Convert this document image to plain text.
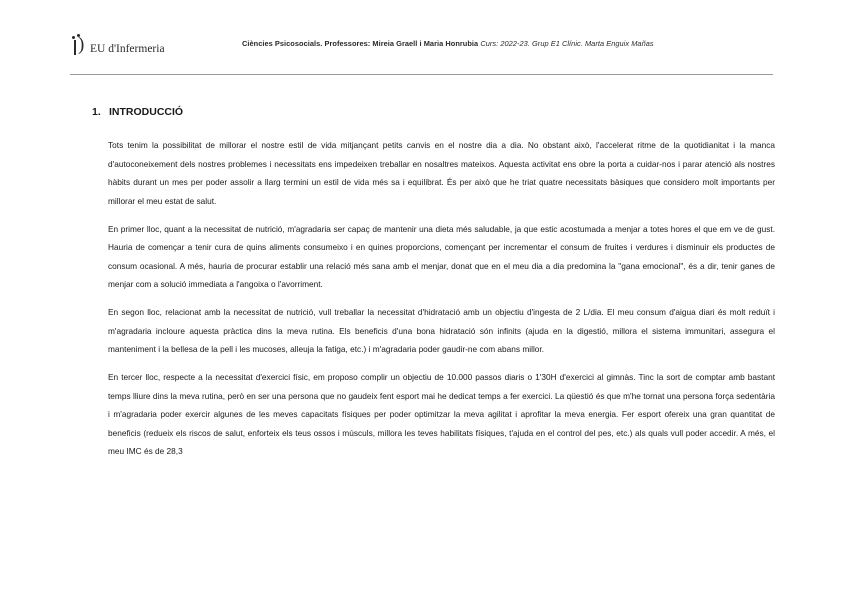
) EU d'Infermeria	Ciències Psicosocials. Professores: Mireia Graell i Maria Honrubia Curs: 2022-23. Grup E1 Clínic. Marta Enguix Mañas
1. INTRODUCCIÓ

Tots tenim la possibilitat de millorar el nostre estil de vida mitjançant petits canvis en el nostre dia a dia. No obstant això, l'accelerat ritme de la quotidianitat i la manca d'autoconeixement dels nostres problemes i necessitats ens impedeixen treballar en nosaltres mateixos. Aquesta activitat ens obre la porta a cuidar-nos i parar atenció als nostres hàbits durant un mes per poder assolir a llarg termini un estil de vida més sa i equilibrat. És per això que he triat quatre necessitats bàsiques que considero molt importants per millorar el meu estat de salut.

En primer lloc, quant a la necessitat de nutrició, m'agradaria ser capaç de mantenir una dieta més saludable, ja que estic acostumada a menjar a totes hores el que em ve de gust. Hauria de començar a tenir cura de quins aliments consumeixo i en quines proporcions, començant per incrementar el consum de fruites i verdures i disminuir els productes de consum ocasional. A més, hauria de procurar establir una relació més sana amb el menjar, donat que en el meu dia a dia predomina la "gana emocional", és a dir, tenir ganes de menjar com a solució immediata a l'angoixa o l'avorriment.

En segon lloc, relacionat amb la necessitat de nutrició, vull treballar la necessitat d'hidratació amb un objectiu d'ingesta de 2 L/dia. El meu consum d'aigua diari és molt reduït i m'agradaria incloure aquesta pràctica dins la meva rutina. Els beneficis d'una bona hidratació són infinits (ajuda en la digestió, millora el sistema immunitari, assegura el manteniment i la bellesa de la pell i les mucoses, alleuja la fatiga, etc.) i m'agradaria poder gaudir-ne com abans millor.

En tercer lloc, respecte a la necessitat d'exercici físic, em proposo complir un objectiu de 10.000 passos diaris o 1'30H d'exercici al gimnàs. Tinc la sort de comptar amb bastant temps lliure dins la meva rutina, però en ser una persona que no gaudeix fent esport mai he dedicat temps a fer exercici. La qüestió és que m'he tornat una persona força sedentària i m'agradaria poder exercir algunes de les meves capacitats físiques per poder optimitzar la meva agilitat i aprofitar la meva energia. Fer esport ofereix una gran quantitat de beneficis (redueix els riscos de salut, enforteix els teus ossos i músculs, millora les teves habilitats físiques, t'ajuda en el control del pes, etc.) als quals vull poder accedir. A més, el meu IMC és de 28,3
